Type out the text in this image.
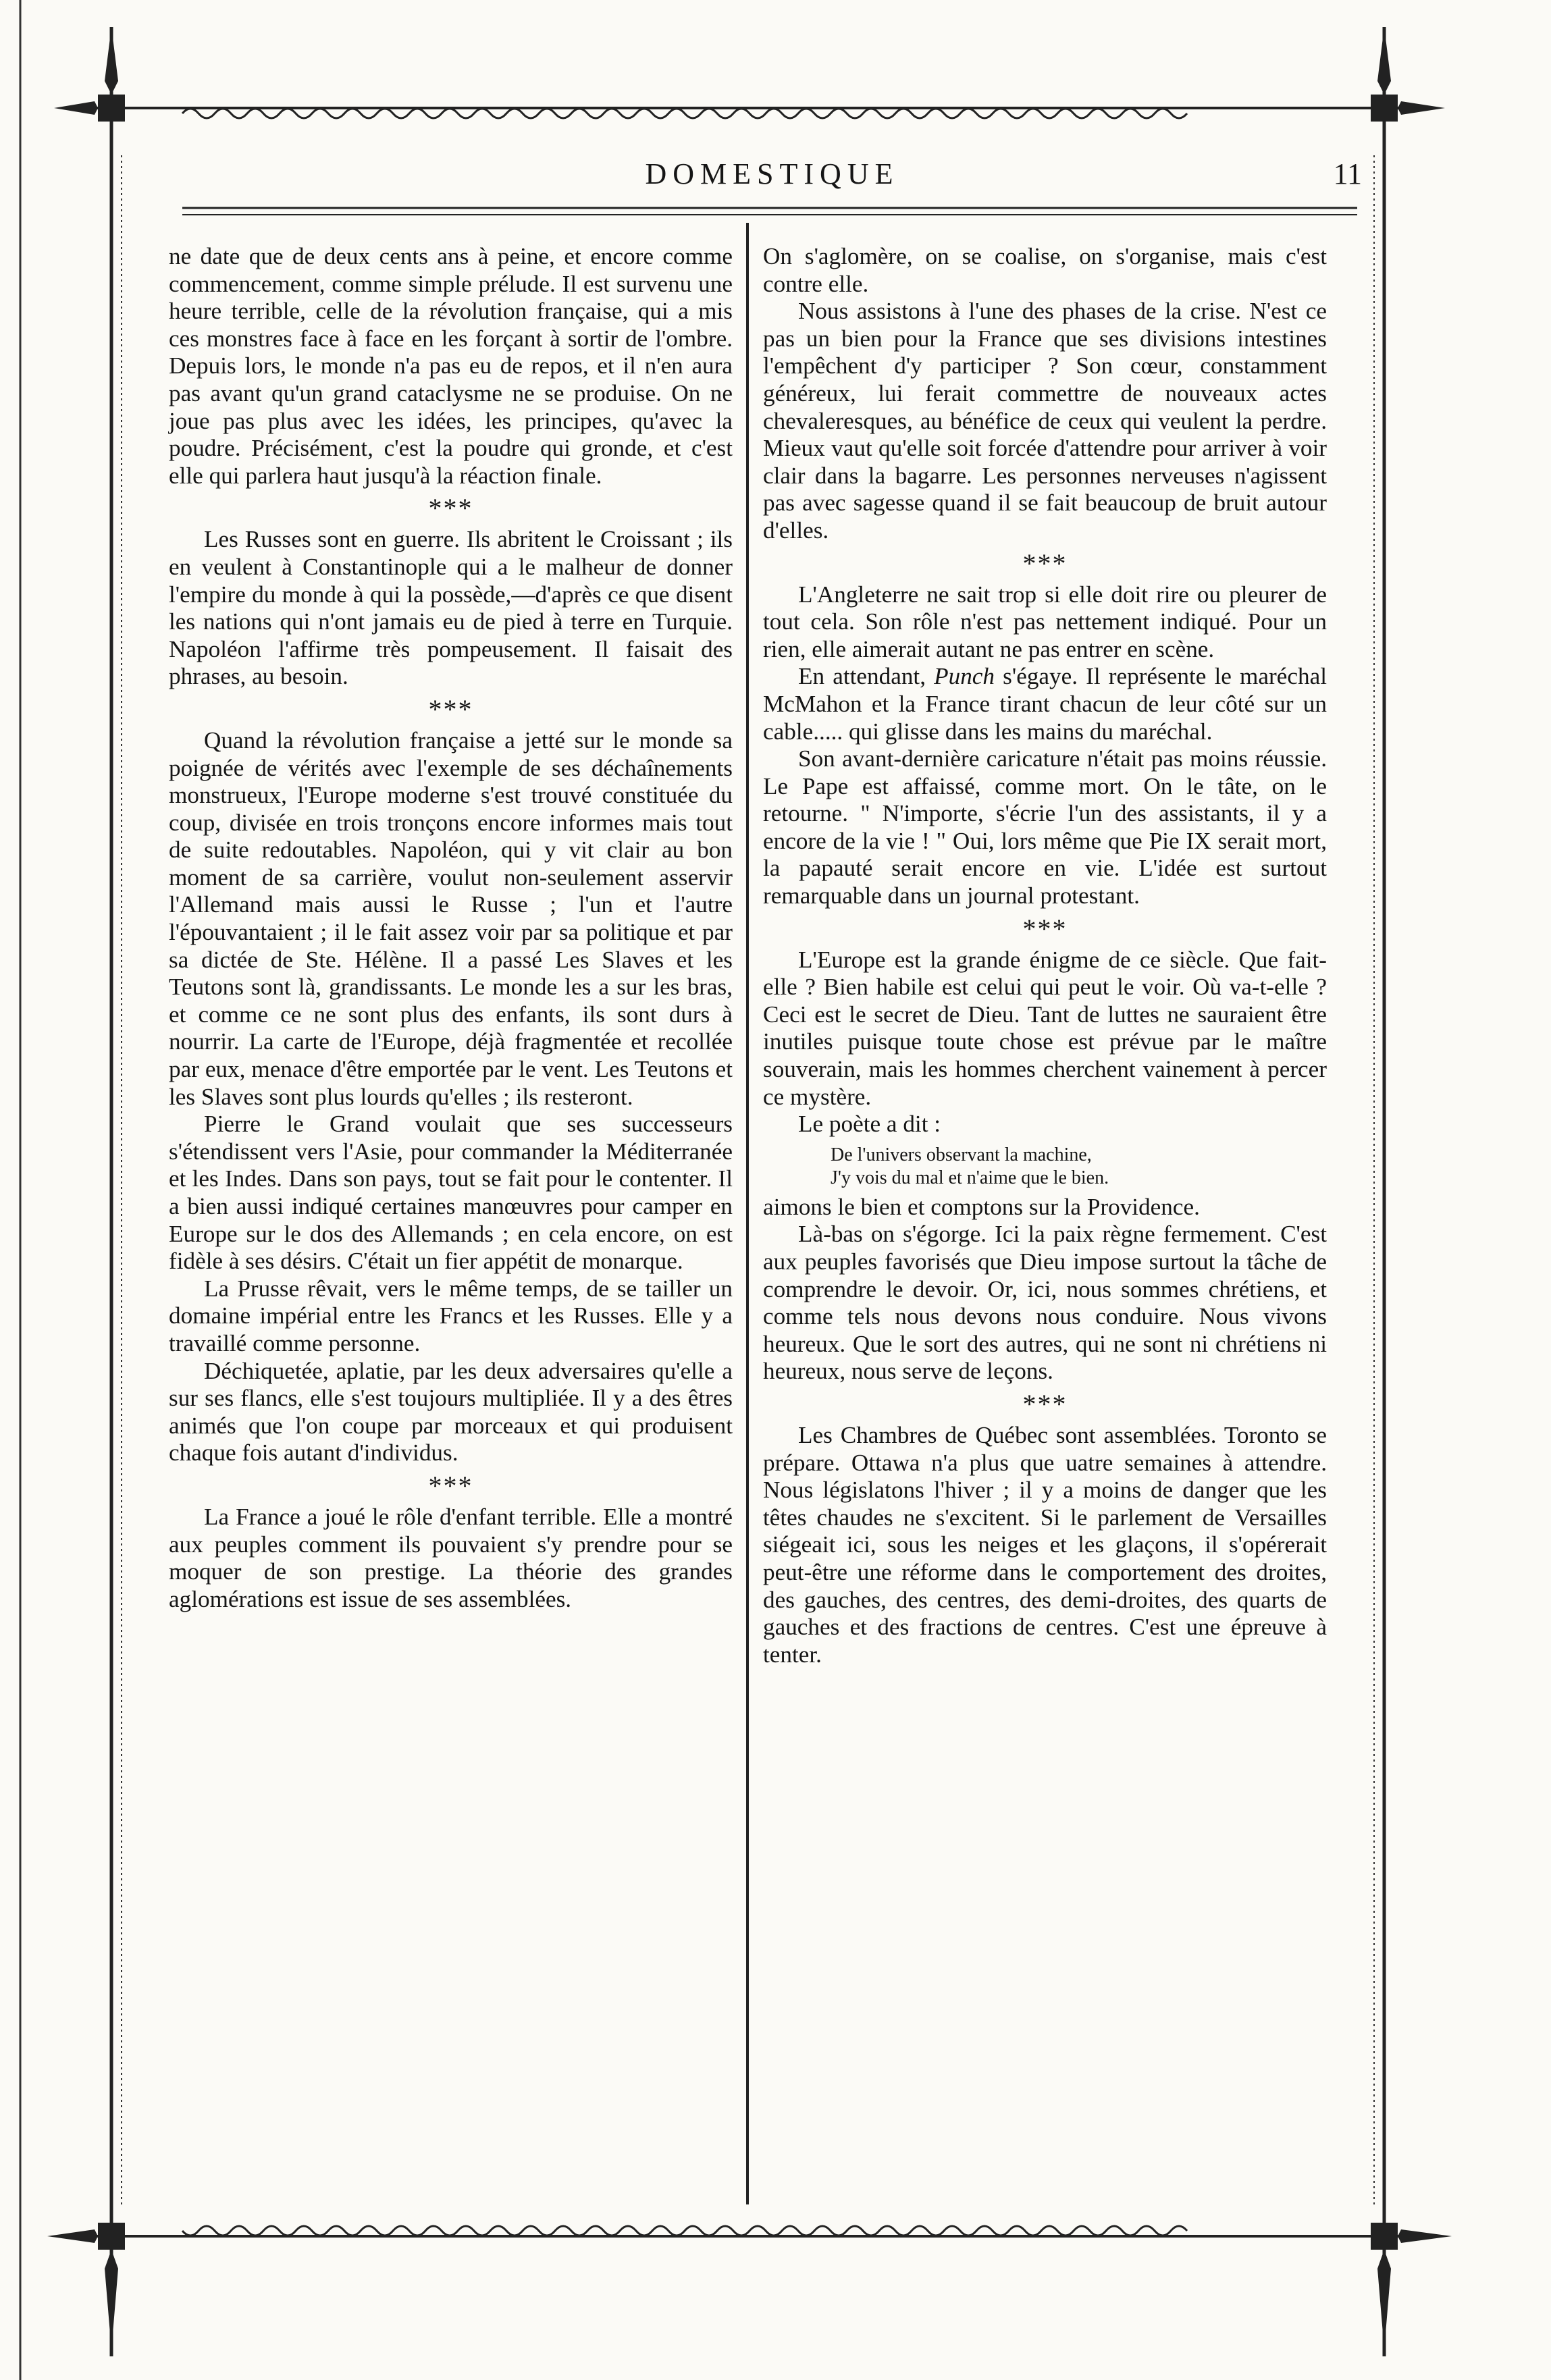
DOMESTIQUE	11

ne date que de deux cents ans à peine, et encore comme commencement, comme simple prélude. Il est survenu une heure terrible, celle de la révolution française, qui a mis ces monstres face à face en les forçant à sortir de l'ombre. Depuis lors, le monde n'a pas eu de repos, et il n'en aura pas avant qu'un grand cataclysme ne se produise. On ne joue pas plus avec les idées, les principes, qu'avec la poudre. Précisément, c'est la poudre qui gronde, et c'est elle qui parlera haut jusqu'à la réaction finale.

***

Les Russes sont en guerre. Ils abritent le Croissant ; ils en veulent à Constantinople qui a le malheur de donner l'empire du monde à qui la possède,—d'après ce que disent les nations qui n'ont jamais eu de pied à terre en Turquie. Napoléon l'affirme très pompeusement. Il faisait des phrases, au besoin.

***

Quand la révolution française a jetté sur le monde sa poignée de vérités avec l'exemple de ses déchaînements monstrueux, l'Europe moderne s'est trouvé constituée du coup, divisée en trois tronçons encore informes mais tout de suite redoutables. Napoléon, qui y vit clair au bon moment de sa carrière, voulut non-seulement asservir l'Allemand mais aussi le Russe ; l'un et l'autre l'épouvantaient ; il le fait assez voir par sa politique et par sa dictée de Ste. Hélène. Il a passé Les Slaves et les Teutons sont là, grandissants. Le monde les a sur les bras, et comme ce ne sont plus des enfants, ils sont durs à nourrir. La carte de l'Europe, déjà fragmentée et recollée par eux, menace d'être emportée par le vent. Les Teutons et les Slaves sont plus lourds qu'elles ; ils resteront.

Pierre le Grand voulait que ses successeurs s'étendissent vers l'Asie, pour commander la Méditerranée et les Indes. Dans son pays, tout se fait pour le contenter. Il a bien aussi indiqué certaines manœuvres pour camper en Europe sur le dos des Allemands ; en cela encore, on est fidèle à ses désirs. C'était un fier appétit de monarque.

La Prusse rêvait, vers le même temps, de se tailler un domaine impérial entre les Francs et les Russes. Elle y a travaillé comme personne.

Déchiquetée, aplatie, par les deux adversaires qu'elle a sur ses flancs, elle s'est toujours multipliée. Il y a des êtres animés que l'on coupe par morceaux et qui produisent chaque fois autant d'individus.

***

La France a joué le rôle d'enfant terrible. Elle a montré aux peuples comment ils pouvaient s'y prendre pour se moquer de son prestige. La théorie des grandes aglomérations est issue de ses assemblées.

On s'aglomère, on se coalise, on s'organise, mais c'est contre elle.

Nous assistons à l'une des phases de la crise. N'est ce pas un bien pour la France que ses divisions intestines l'empêchent d'y participer ? Son cœur, constamment généreux, lui ferait commettre de nouveaux actes chevaleresques, au bénéfice de ceux qui veulent la perdre. Mieux vaut qu'elle soit forcée d'attendre pour arriver à voir clair dans la bagarre. Les personnes nerveuses n'agissent pas avec sagesse quand il se fait beaucoup de bruit autour d'elles.

***

L'Angleterre ne sait trop si elle doit rire ou pleurer de tout cela. Son rôle n'est pas nettement indiqué. Pour un rien, elle aimerait autant ne pas entrer en scène.

En attendant, Punch s'égaye. Il représente le maréchal McMahon et la France tirant chacun de leur côté sur un cable..... qui glisse dans les mains du maréchal.

Son avant-dernière caricature n'était pas moins réussie. Le Pape est affaissé, comme mort. On le tâte, on le retourne. " N'importe, s'écrie l'un des assistants, il y a encore de la vie ! " Oui, lors même que Pie IX serait mort, la papauté serait encore en vie. L'idée est surtout remarquable dans un journal protestant.

***

L'Europe est la grande énigme de ce siècle. Que fait-elle ? Bien habile est celui qui peut le voir. Où va-t-elle ? Ceci est le secret de Dieu. Tant de luttes ne sauraient être inutiles puisque toute chose est prévue par le maître souverain, mais les hommes cherchent vainement à percer ce mystère.

Le poète a dit :

De l'univers observant la machine,
J'y vois du mal et n'aime que le bien.

aimons le bien et comptons sur la Providence.

Là-bas on s'égorge. Ici la paix règne fermement. C'est aux peuples favorisés que Dieu impose surtout la tâche de comprendre le devoir. Or, ici, nous sommes chrétiens, et comme tels nous devons nous conduire. Nous vivons heureux. Que le sort des autres, qui ne sont ni chrétiens ni heureux, nous serve de leçons.

***

Les Chambres de Québec sont assemblées. Toronto se prépare. Ottawa n'a plus que uatre semaines à attendre. Nous législatons l'hiver ; il y a moins de danger que les têtes chaudes ne s'excitent. Si le parlement de Versailles siégeait ici, sous les neiges et les glaçons, il s'opérerait peut-être une réforme dans le comportement des droites, des gauches, des centres, des demi-droites, des quarts de gauches et des fractions de centres. C'est une épreuve à tenter.
